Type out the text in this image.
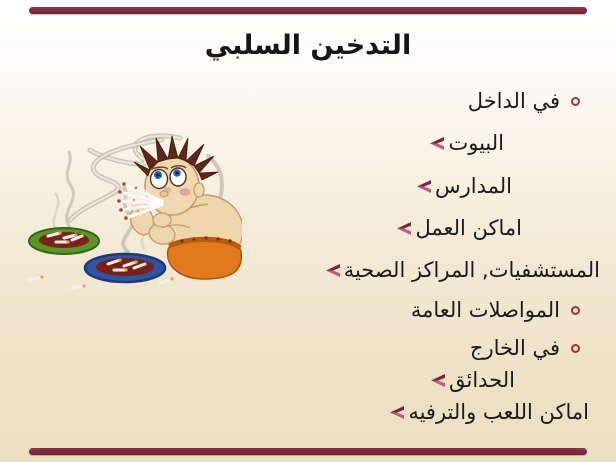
التدخين السلبي
في الداخل
البيوت
المدارس
اماكن العمل
المستشفيات, المراكز الصحية
المواصلات العامة
في الخارج
الحدائق
اماكن اللعب والترفيه
